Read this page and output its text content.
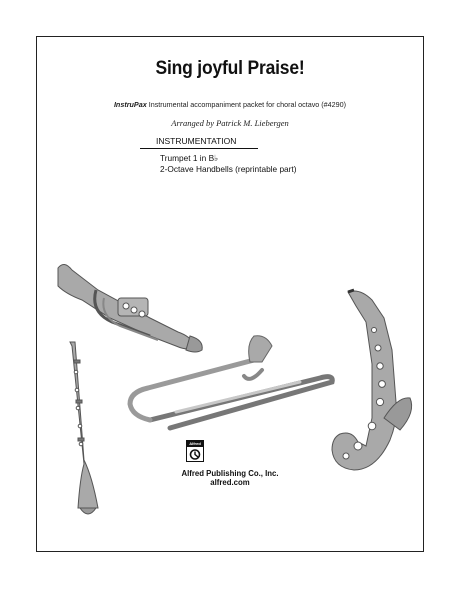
Sing joyful Praise!
InstruPax Instrumental accompaniment packet for choral octavo (#4290)
Arranged by Patrick M. Liebergen
INSTRUMENTATION
Trumpet 1 in B♭
2-Octave Handbells (reprintable part)
Alfred
Alfred Publishing Co., Inc.
alfred.com
